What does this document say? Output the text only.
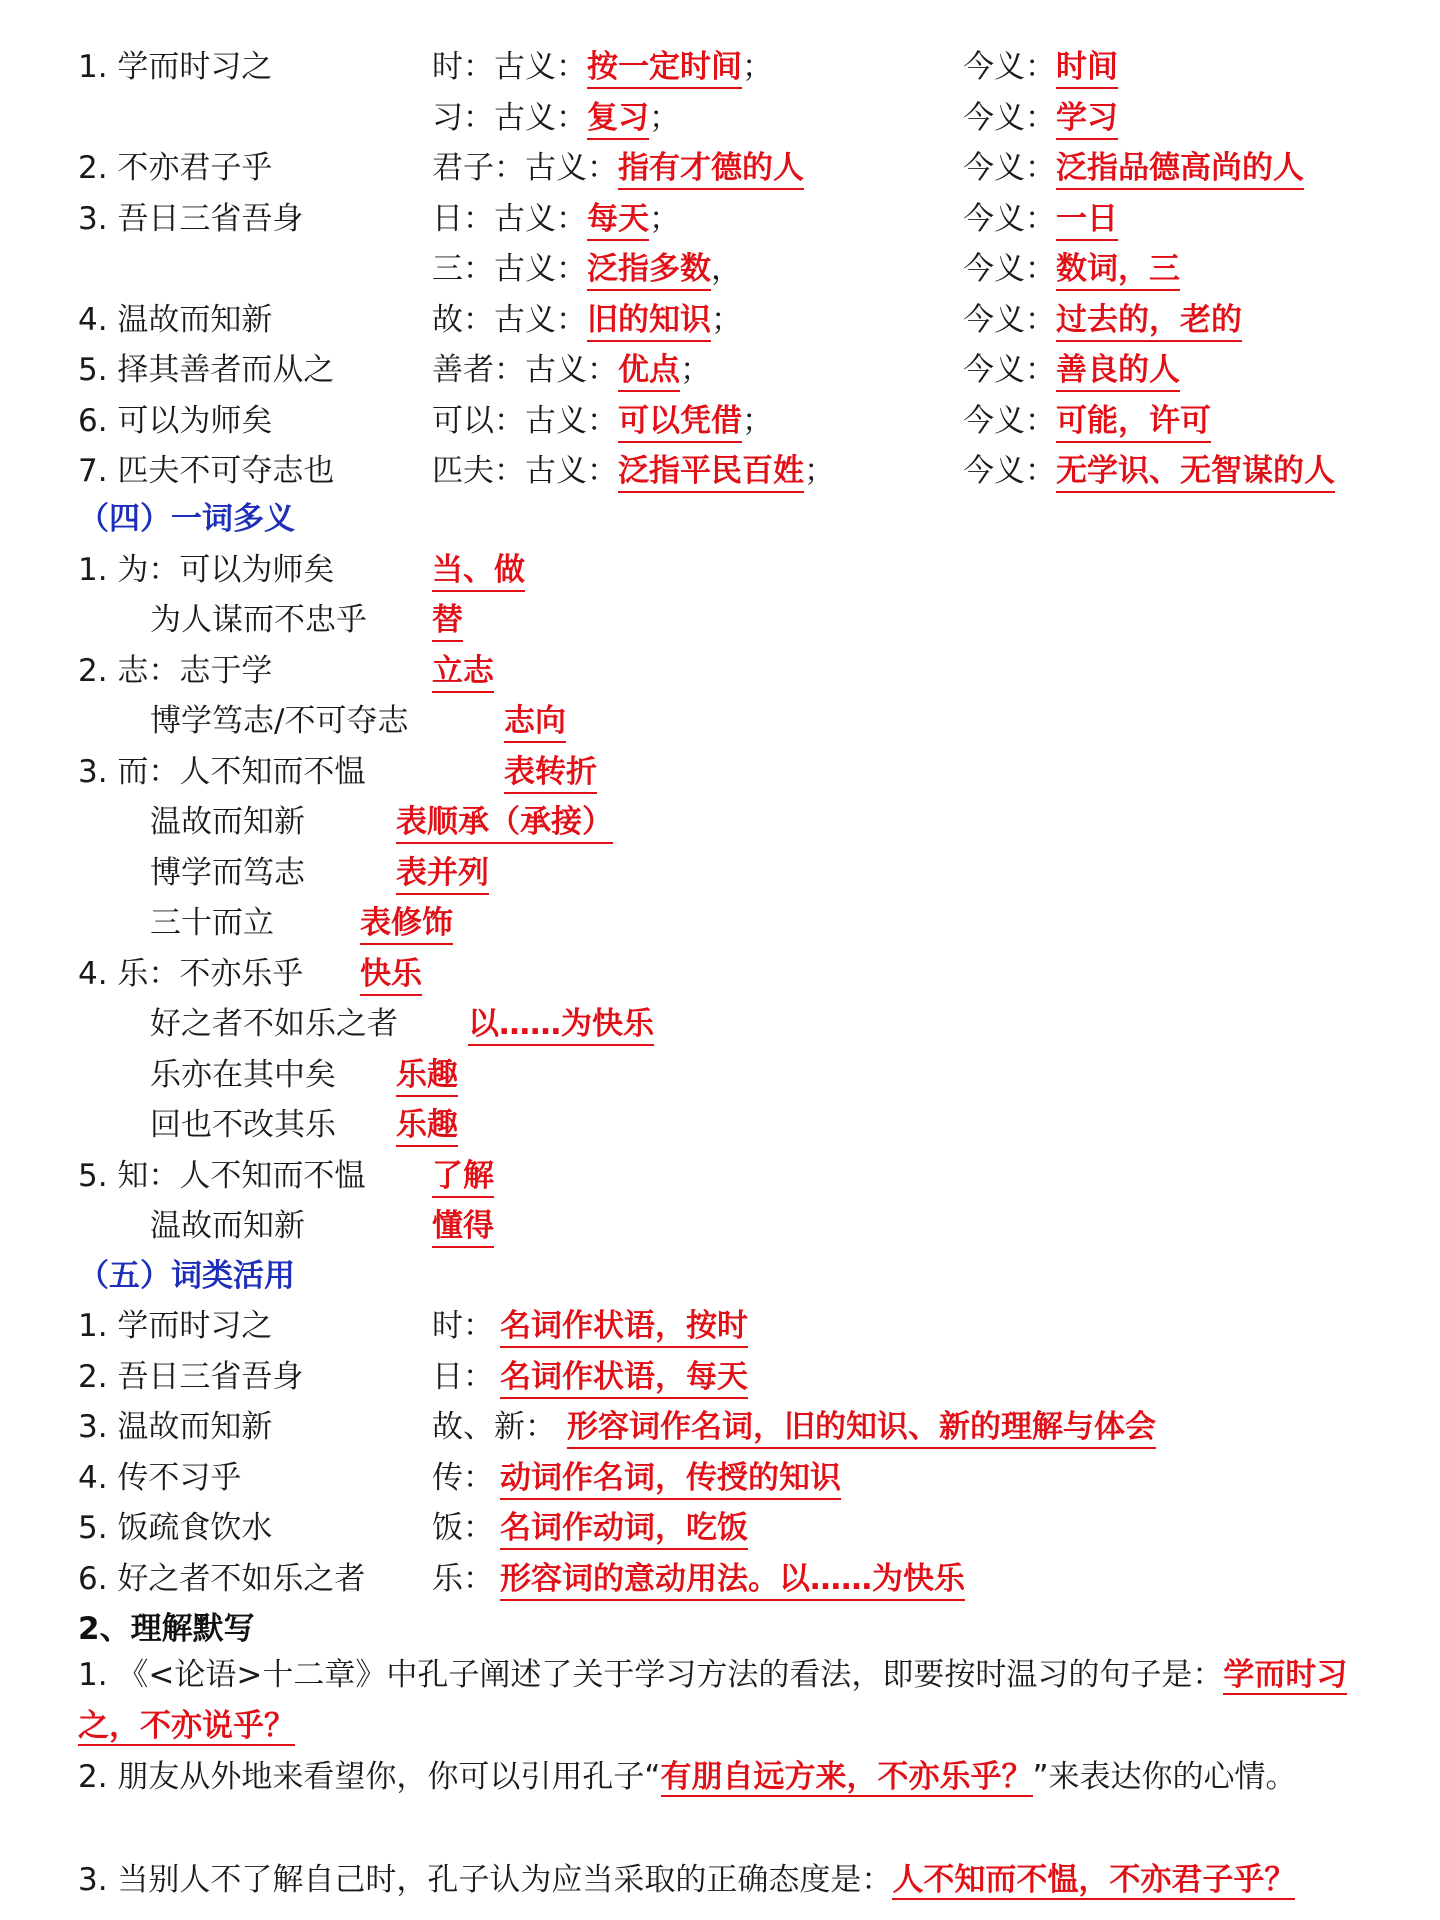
1. 学而时习之	时：古义：按一定时间；	今义：时间
习：古义：复习；	今义：学习
2. 不亦君子乎	君子：古义：指有才德的人	今义：泛指品德高尚的人
3. 吾日三省吾身	日：古义：每天；	今义：一日
三：古义：泛指多数，	今义：数词，三
4. 温故而知新	故：古义：旧的知识；	今义：过去的，老的
5. 择其善者而从之	善者：古义：优点；	今义：善良的人
6. 可以为师矣	可以：古义：可以凭借；	今义：可能，许可
7. 匹夫不可夺志也	匹夫：古义：泛指平民百姓；	今义：无学识、无智谋的人
（四）一词多义
1. 为：可以为师矣	当、做
为人谋而不忠乎 替
2. 志：志于学	立志
博学笃志/不可夺志	志向
3. 而：人不知而不愠	表转折
温故而知新	表顺承（承接）
博学而笃志	表并列
三十而立	表修饰
4. 乐：不亦乐乎 快乐
好之者不如乐之者 以……为快乐
乐亦在其中矣 乐趣
回也不改其乐 乐趣
5. 知：人不知而不愠 了解
温故而知新	懂得
（五）词类活用
1. 学而时习之	时： 名词作状语，按时
2. 吾日三省吾身	日： 名词作状语，每天
3. 温故而知新	故、新： 形容词作名词，旧的知识、新的理解与体会
4. 传不习乎	传： 动词作名词，传授的知识
5. 饭疏食饮水	饭： 名词作动词，吃饭
6. 好之者不如乐之者 乐： 形容词的意动用法。以……为快乐
2、理解默写
1. 《<论语>十二章》中孔子阐述了关于学习方法的看法，即要按时温习的句子是：学而时习之，不亦说乎？
2. 朋友从外地来看望你，你可以引用孔子“有朋自远方来，不亦乐乎？”来表达你的心情。
3. 当别人不了解自己时，孔子认为应当采取的正确态度是：人不知而不愠，不亦君子乎？
